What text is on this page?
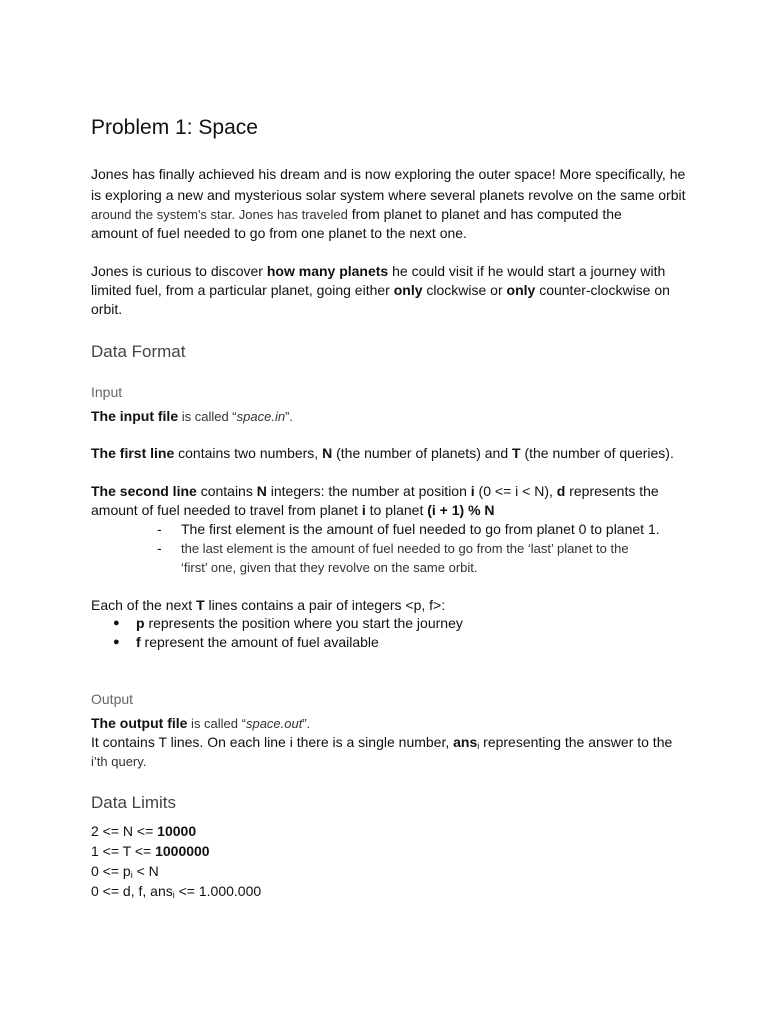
Problem 1: Space
Jones has finally achieved his dream and is now exploring the outer space! More specifically, he
is exploring a new and mysterious solar system where several planets revolve on the same orbit
around the system's star. Jones has traveled from planet to planet and has computed the
amount of fuel needed to go from one planet to the next one.
Jones is curious to discover how many planets he could visit if he would start a journey with
limited fuel, from a particular planet, going either only clockwise or only counter-clockwise on
orbit.
Data Format
Input
The input file is called “space.in”.
The first line contains two numbers, N (the number of planets) and T (the number of queries).
The second line contains N integers: the number at position i (0 <= i < N), d represents the
amount of fuel needed to travel from planet i to planet (i + 1) % N
- The first element is the amount of fuel needed to go from planet 0 to planet 1.
- the last element is the amount of fuel needed to go from the ‘last’ planet to the
‘first’ one, given that they revolve on the same orbit.
Each of the next T lines contains a pair of integers <p, f>:
● p represents the position where you start the journey
● f represent the amount of fuel available
Output
The output file is called “space.out”.
It contains T lines. On each line i there is a single number, ans$_i$ representing the answer to the
i’th query.
Data Limits
2 <= N <= 10000
1 <= T <= 1000000
$0 <= p_i < N$
0 <= d, f, ans$_i$ <= 1.000.000
